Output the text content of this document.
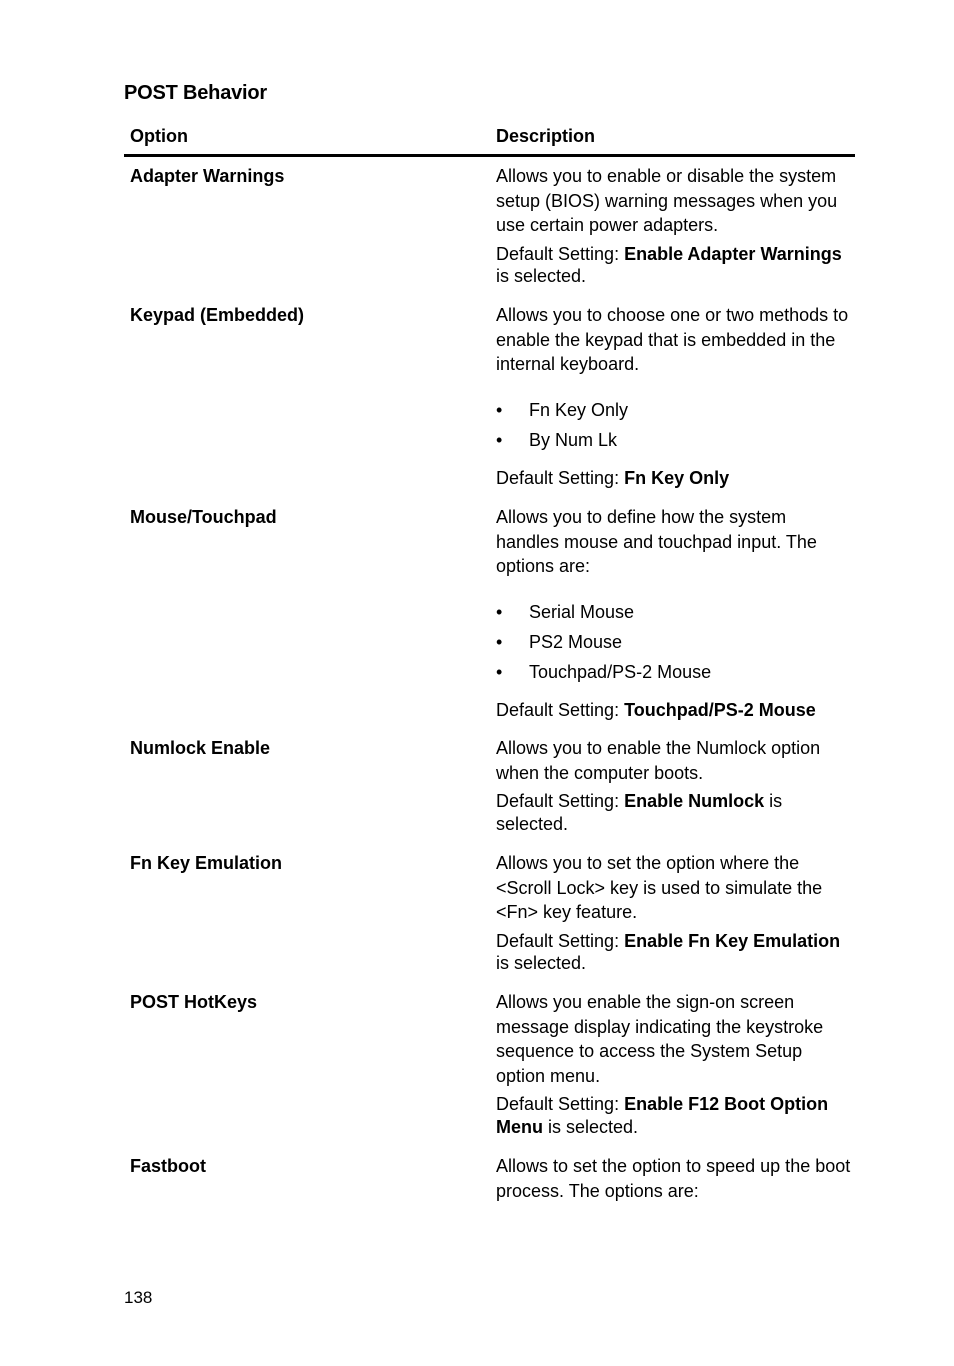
POST Behavior
Option	Description
Adapter Warnings	Allows you to enable or disable the system setup (BIOS) warning messages when you use certain power adapters.

Default Setting: Enable Adapter Warnings is selected.

Keypad (Embedded)	Allows you to choose one or two methods to enable the keypad that is embedded in the internal keyboard.

• Fn Key Only
• By Num Lk

Default Setting: Fn Key Only

Mouse/Touchpad	Allows you to define how the system handles mouse and touchpad input. The options are:

• Serial Mouse
• PS2 Mouse
• Touchpad/PS-2 Mouse

Default Setting: Touchpad/PS-2 Mouse

Numlock Enable	Allows you to enable the Numlock option when the computer boots.

Default Setting: Enable Numlock is selected.

Fn Key Emulation	Allows you to set the option where the <Scroll Lock> key is used to simulate the <Fn> key feature.

Default Setting: Enable Fn Key Emulation is selected.

POST HotKeys	Allows you enable the sign-on screen message display indicating the keystroke sequence to access the System Setup option menu.

Default Setting: Enable F12 Boot Option Menu is selected.

Fastboot	Allows to set the option to speed up the boot process. The options are:

138
